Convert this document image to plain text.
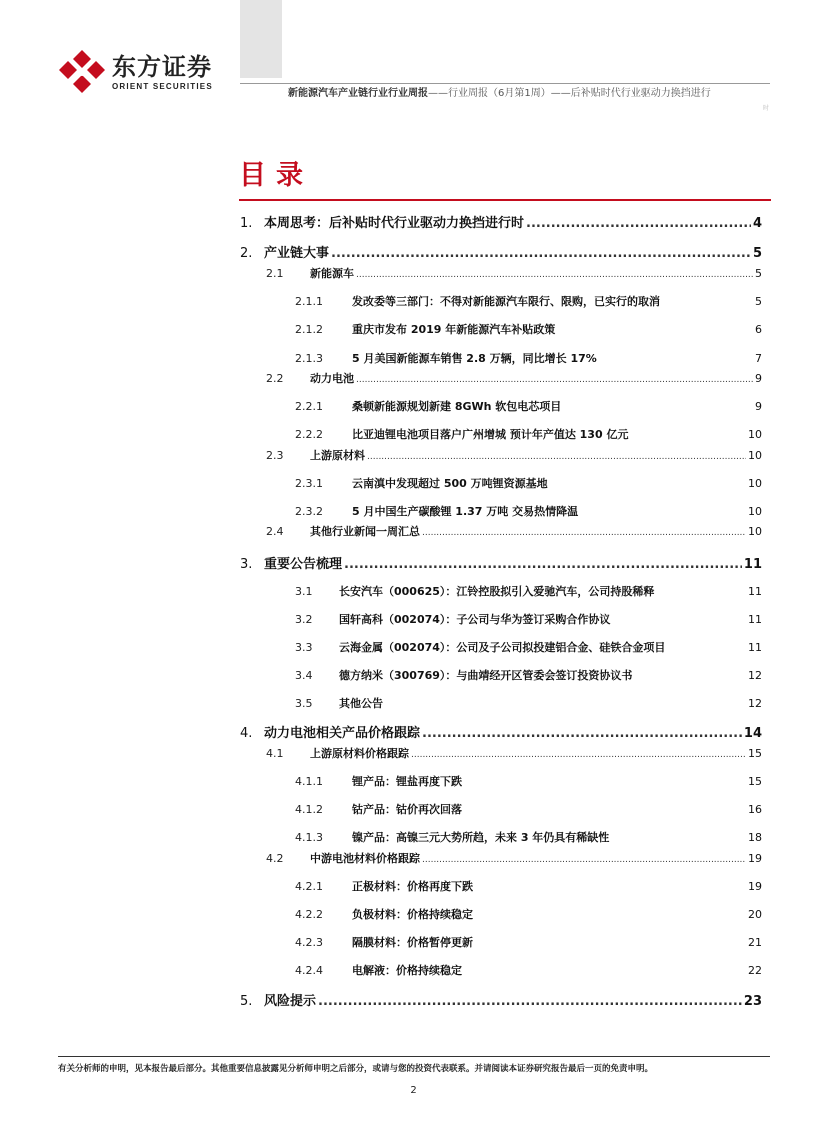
东方证券
ORIENT SECURITIES
新能源汽车产业链行业行业周报——行业周报（6月第1周）——后补贴时代行业驱动力换挡进行
时
目录
1. 本周思考：后补贴时代行业驱动力换挡进行时 .....	4
2. 产业链大事 .....	5
2.1	新能源车 .....	5
2.1.1	发改委等三部门：不得对新能源汽车限行、限购，已实行的取消	5
2.1.2	重庆市发布 2019 年新能源汽车补贴政策	6
2.1.3	5 月美国新能源车销售 2.8 万辆，同比增长 17%	7
2.2	动力电池 .....	9
2.2.1	桑顿新能源规划新建 8GWh 软包电芯项目	9
2.2.2	比亚迪锂电池项目落户广州增城 预计年产值达 130 亿元	10
2.3	上游原材料 .....	10
2.3.1	云南滇中发现超过 500 万吨锂资源基地	10
2.3.2	5 月中国生产碳酸锂 1.37 万吨 交易热情降温	10
2.4	其他行业新闻一周汇总 .....	10
3. 重要公告梳理 .....	11
3.1	长安汽车（000625）：江铃控股拟引入爱驰汽车，公司持股稀释	11
3.2	国轩高科（002074）：子公司与华为签订采购合作协议	11
3.3	云海金属（002074）：公司及子公司拟投建铝合金、硅铁合金项目	11
3.4	德方纳米（300769）：与曲靖经开区管委会签订投资协议书	12
3.5	其他公告	12
4. 动力电池相关产品价格跟踪 .....	14
4.1	上游原材料价格跟踪 .....	15
4.1.1	锂产品：锂盐再度下跌	15
4.1.2	钴产品：钴价再次回落	16
4.1.3	镍产品：高镍三元大势所趋，未来 3 年仍具有稀缺性	18
4.2	中游电池材料价格跟踪 .....	19
4.2.1	正极材料：价格再度下跌	19
4.2.2	负极材料：价格持续稳定	20
4.2.3	隔膜材料：价格暂停更新	21
4.2.4	电解液：价格持续稳定	22
5. 风险提示 .....	23
有关分析师的申明，见本报告最后部分。其他重要信息披露见分析师申明之后部分，或请与您的投资代表联系。并请阅读本证券研究报告最后一页的免责申明。
2
